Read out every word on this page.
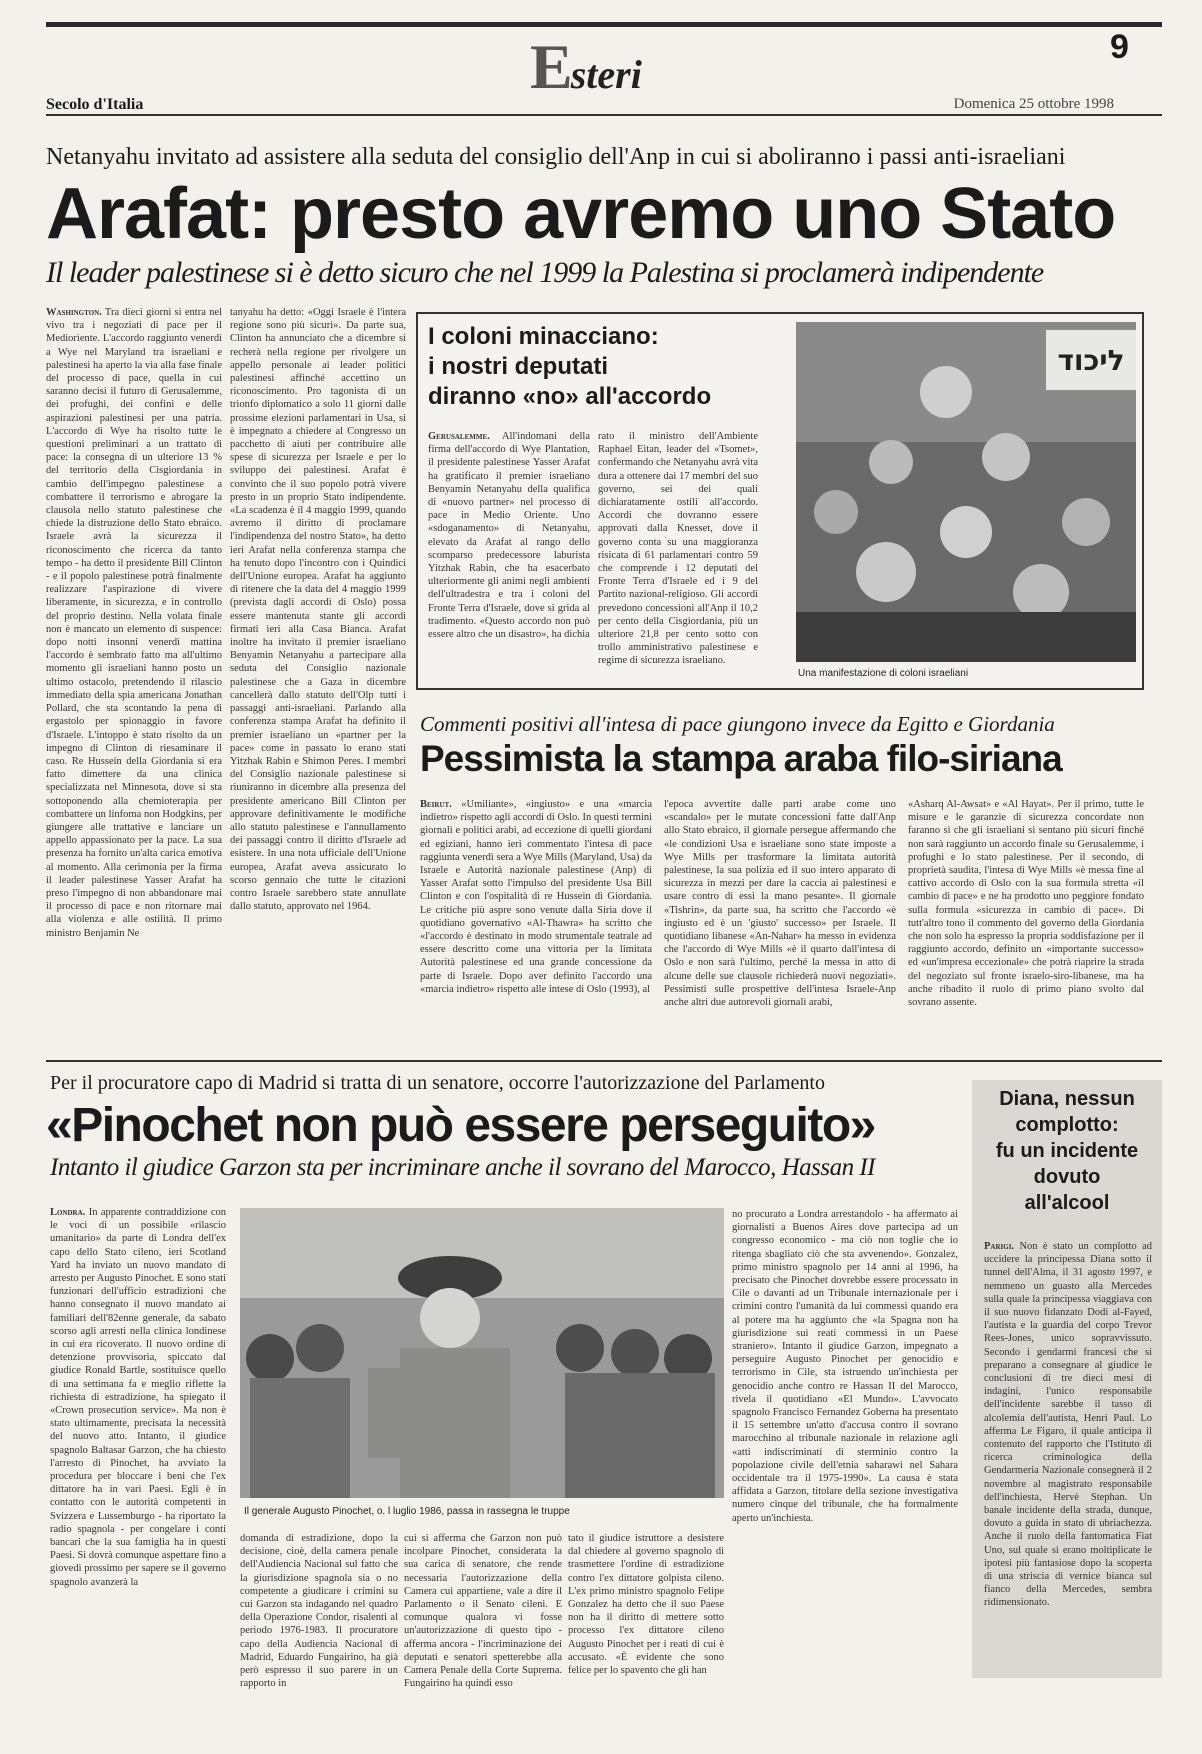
Esteri
9
Secolo d'Italia	Domenica 25 ottobre 1998
Netanyahu invitato ad assistere alla seduta del consiglio dell'Anp in cui si aboliranno i passi anti-israeliani
Arafat: presto avremo uno Stato
Il leader palestinese si è detto sicuro che nel 1999 la Palestina si proclamerà indipendente
Washington. Tra dieci giorni si entra nel vivo tra i negoziati di pace per il Medioriente. L'accordo raggiunto venerdì a Wye nel Maryland tra israeliani e palestinesi ha aperto la via alla fase finale del processo di pace, quella in cui saranno decisi il futuro di Gerusalemme, dei profughi, dei confini e delle aspirazioni palestinesi per una patria. L'accordo di Wye ha risolto tutte le questioni preliminari a un trattato di pace: la consegna di un ulteriore 13 % del territorio della Cisgiordania in cambio dell'impegno palestinese a combattere il terrorismo e abrogare la clausola nello statuto palestinese che chiede la distruzione dello Stato ebraico. Israele avrà la sicurezza il riconoscimento che ricerca da tanto tempo - ha detto il presidente Bill Clinton - e il popolo palestinese potrà finalmente realizzare l'aspirazione di vivere liberamente, in sicurezza, e in controllo del proprio destino. Nella volata finale non è mancato un elemento di suspence: dopo notti insonni venerdì mattina l'accordo è sembrato fatto ma all'ultimo momento gli israeliani hanno posto un ultimo ostacolo, pretendendo il rilascio immediato della spia americana Jonathan Pollard, che sta scontando la pena di ergastolo per spionaggio in favore d'Israele. L'intoppo è stato risolto da un impegno di Clinton di riesaminare il caso. Re Hussein della Giordania si era fatto dimettere da una clinica specializzata nel Minnesota, dove si sta sottoponendo alla chemioterapia per combattere un linfoma non Hodgkins, per giungere alle trattative e lanciare un appello appassionato per la pace. La sua presenza ha fornito un'alta carica emotiva al momento. Alla cerimonia per la firma il leader palestinese Yasser Arafat ha preso l'impegno di non abbandonare mai il processo di pace e non ritornare mai alla violenza e alle ostilità. Il primo ministro Benjamin Ne
tanyahu ha detto: «Oggi Israele è l'intera regione sono più sicuri». Da parte sua, Clinton ha annunciato che a dicembre si recherà nella regione per rivolgere un appello personale ai leader politici palestinesi affinché accettino un riconoscimento. Pro tagonista di un trionfo diplomatico a solo 11 giorni dalle prossime elezioni parlamentari in Usa, si è impegnato a chiedere al Congresso un pacchetto di aiuti per contribuire alle spese di sicurezza per Israele e per lo sviluppo dei palestinesi. Arafat è convinto che il suo popolo potrà vivere presto in un proprio Stato indipendente. «La scadenza è il 4 maggio 1999, quando avremo il diritto di proclamare l'indipendenza del nostro Stato», ha detto ieri Arafat nella conferenza stampa che ha tenuto dopo l'incontro con i Quindici dell'Unione europea. Arafat ha aggiunto di ritenere che la data del 4 maggio 1999 (prevista dagli accordi di Oslo) possa essere mantenuta stante gli accordi firmati ieri alla Casa Bianca. Arafat inoltre ha invitato il premier israeliano Benyamin Netanyahu a partecipare alla seduta del Consiglio nazionale palestinese che a Gaza in dicembre cancellerà dallo statuto dell'Olp tutti i passaggi anti-israeliani. Parlando alla conferenza stampa Arafat ha definito il premier israeliano un «partner per la pace» come in passato lo erano stati Yitzhak Rabin e Shimon Peres. I membri del Consiglio nazionale palestinese si riuniranno in dicembre alla presenza del presidente americano Bill Clinton per approvare definitivamente le modifiche allo statuto palestinese e l'annullamento dei passaggi contro il diritto d'Israele ad esistere. In una nota ufficiale dell'Unione europea, Arafat aveva assicurato lo scorso gennaio che tutte le citazioni contro Israele sarebbero state annullate dallo statuto, approvato nel 1964.
I coloni minacciano:
i nostri deputati
diranno «no» all'accordo
Gerusalemme. All'indomani della firma dell'accordo di Wye Plantation, il presidente palestinese Yasser Arafat ha gratificato il premier israeliano Benyamin Netanyahu della qualifica di «nuovo partner» nel processo di pace in Medio Oriente. Uno «sdoganamento» di Netanyahu, elevato da Arafat al rango dello scomparso predecessore laburista Yitzhak Rabin, che ha esacerbato ulteriormente gli animi negli ambienti dell'ultradestra e tra i coloni del Fronte Terra d'Israele, dove si grida al tradimento. «Questo accordo non può essere altro che un disastro», ha dichia
rato il ministro dell'Ambiente Raphael Eitan, leader del «Tsomet», confermando che Netanyahu avrà vita dura a ottenere dai 17 membri del suo governo, sei dei quali dichiaratamente ostili all'accordo. Accordi che dovranno essere approvati dalla Knesset, dove il governo conta su una maggioranza risicata di 61 parlamentari contro 59 che comprende i 12 deputati del Fronte Terra d'Israele ed i 9 del Partito nazional-religioso. Gli accordi prevedono concessioni all'Anp il 10,2 per cento della Cisgiordania, più un ulteriore 21,8 per cento sotto con trollo amministrativo palestinese e regime di sicurezza israeliano.
ליכוד
Una manifestazione di coloni israeliani
Commenti positivi all'intesa di pace giungono invece da Egitto e Giordania
Pessimista la stampa araba filo-siriana
Beirut. «Umiliante», «ingiusto» e una «marcia indietro» rispetto agli accordi di Oslo. In questi termini giornali e politici arabi, ad eccezione di quelli giordani ed egiziani, hanno ieri commentato l'intesa di pace raggiunta venerdì sera a Wye Mills (Maryland, Usa) da Israele e Autorità nazionale palestinese (Anp) di Yasser Arafat sotto l'impulso del presidente Usa Bill Clinton e con l'ospitalità di re Hussein di Giordania. Le critiche più aspre sono venute dalla Siria dove il quotidiano governativo «Al-Thawra» ha scritto che «l'accordo è destinato in modo strumentale teatrale ad essere descritto come una vittoria per la limitata Autorità palestinese ed una grande concessione da parte di Israele. Dopo aver definito l'accordo una «marcia indietro» rispetto alle intese di Oslo (1993), al
l'epoca avvertite dalle parti arabe come uno «scandalo» per le mutate concessioni fatte dall'Anp allo Stato ebraico, il giornale persegue affermando che «le condizioni Usa e israeliane sono state imposte a Wye Mills per trasformare la limitata autorità palestinese, la sua polizia ed il suo intero apparato di sicurezza in mezzi per dare la caccia ai palestinesi e usare contro di essi la mano pesante». Il giornale «Tishrin», da parte sua, ha scritto che l'accordo «è ingiusto ed è un 'giusto' successo» per Israele. Il quotidiano libanese «An-Nahar» ha messo in evidenza che l'accordo di Wye Mills «è il quarto dall'intesa di Oslo e non sarà l'ultimo, perché la messa in atto di alcune delle sue clausole richiederà nuovi negoziati». Pessimisti sulle prospettive dell'intesa Israele-Anp anche altri due autorevoli giornali arabi,
«Asharq Al-Awsat» e «Al Hayat». Per il primo, tutte le misure e le garanzie di sicurezza concordate non faranno sì che gli israeliani si sentano più sicuri finché non sarà raggiunto un accordo finale su Gerusalemme, i profughi e lo stato palestinese. Per il secondo, di proprietà saudita, l'intesa di Wye Mills «è messa fine al cattivo accordo di Oslo con la sua formula stretta «il cambio di pace» e ne ha prodotto uno peggiore fondato sulla formula «sicurezza in cambio di pace». Di tutt'altro tono il commento del governo della Giordania che non solo ha espresso la propria soddisfazione per il raggiunto accordo, definito un «importante successo» ed «un'impresa eccezionale» che potrà riaprire la strada del negoziato sul fronte israelo-siro-libanese, ma ha anche ribadito il ruolo di primo piano svolto dal sovrano assente.
Per il procuratore capo di Madrid si tratta di un senatore, occorre l'autorizzazione del Parlamento
«Pinochet non può essere perseguito»
Intanto il giudice Garzon sta per incriminare anche il sovrano del Marocco, Hassan II
Londra. In apparente contraddizione con le voci di un possibile «rilascio umanitario» da parte di Londra dell'ex capo dello Stato cileno, ieri Scotland Yard ha inviato un nuovo mandato di arresto per Augusto Pinochet. E sono stati funzionari dell'ufficio estradizioni che hanno consegnato il nuovo mandato ai familiari dell'82enne generale, da sabato scorso agli arresti nella clinica londinese in cui era ricoverato. Il nuovo ordine di detenzione provvisoria, spiccato dal giudice Ronald Bartle, sostituisce quello di una settimana fa e meglio riflette la richiesta di estradizione, ha spiegato il «Crown prosecution service». Ma non è stato ultimamente, precisata la necessità del nuovo atto. Intanto, il giudice spagnolo Baltasar Garzon, che ha chiesto l'arresto di Pinochet, ha avviato la procedura per bloccare i beni che l'ex dittatore ha in vari Paesi. Egli è in contatto con le autorità competenti in Svizzera e Lussemburgo - ha riportato la radio spagnola - per congelare i conti bancari che la sua famiglia ha in questi Paesi. Si dovrà comunque aspettare fino a giovedì prossimo per sapere se il governo spagnolo avanzerà la
Il generale Augusto Pinochet, o. l luglio 1986, passa in rassegna le truppe
domanda di estradizione, dopo la decisione, cioè, della camera penale dell'Audiencia Nacional sul fatto che la giurisdizione spagnola sia o no competente a giudicare i crimini su cui Garzon sta indagando nel quadro della Operazione Condor, risalenti al periodo 1976-1983. Il procuratore capo della Audiencia Nacional di Madrid, Eduardo Fungairino, ha già però espresso il suo parere in un rapporto in
cui si afferma che Garzon non può incolpare Pinochet, considerata la sua carica di senatore, che rende necessaria l'autorizzazione della Camera cui appartiene, vale a dire il Parlamento o il Senato cileni. E comunque qualora vi fosse un'autorizzazione di questo tipo - afferma ancora - l'incriminazione dei deputati e senatori spetterebbe alla Camera Penale della Corte Suprema. Fungairino ha quindi esso
tato il giudice istruttore a desistere dal chiedere al governo spagnolo di trasmettere l'ordine di estradizione contro l'ex dittatore golpista cileno. L'ex primo ministro spagnolo Felipe Gonzalez ha detto che il suo Paese non ha il diritto di mettere sotto processo l'ex dittatore cileno Augusto Pinochet per i reati di cui è accusato. «È evidente che sono felice per lo spavento che gli han
no procurato a Londra arrestandolo - ha affermato ai giornalisti a Buenos Aires dove partecipa ad un congresso economico - ma ciò non toglie che io ritenga sbagliato ciò che sta avvenendo». Gonzalez, primo ministro spagnolo per 14 anni al 1996, ha precisato che Pinochet dovrebbe essere processato in Cile o davanti ad un Tribunale internazionale per i crimini contro l'umanità da lui commessi quando era al potere ma ha aggiunto che «la Spagna non ha giurisdizione sui reati commessi in un Paese straniero». Intanto il giudice Garzon, impegnato a perseguire Augusto Pinochet per genocidio e terrorismo in Cile, sta istruendo un'inchiesta per genocidio anche contro re Hassan II del Marocco, rivela il quotidiano «El Mundo». L'avvocato spagnolo Francisco Fernandez Goberna ha presentato il 15 settembre un'atto d'accusa contro il sovrano marocchino al tribunale nazionale in relazione agli «atti indiscriminati di sterminio contro la popolazione civile dell'etnia saharawi nel Sahara occidentale tra il 1975-1990». La causa è stata affidata a Garzon, titolare della sezione investigativa numero cinque del tribunale, che ha formalmente aperto un'inchiesta.
Diana, nessun
complotto:
fu un incidente
dovuto
all'alcool
Parigi. Non è stato un complotto ad uccidere la principessa Diana sotto il tunnel dell'Alma, il 31 agosto 1997, e nemmeno un guasto alla Mercedes sulla quale la principessa viaggiava con il suo nuovo fidanzato Dodi al-Fayed, l'autista e la guardia del corpo Trevor Rees-Jones, unico sopravvissuto. Secondo i gendarmi francesi che si preparano a consegnare al giudice le conclusioni di tre dieci mesi di indagini, l'unico responsabile dell'incidente sarebbe il tasso di alcolemia dell'autista, Henri Paul. Lo afferma Le Figaro, il quale anticipa il contenuto del rapporto che l'Istituto di ricerca criminologica della Gendarmeria Nazionale consegnerà il 2 novembre al magistrato responsabile dell'inchiesta, Hervè Stephan. Un banale incidente della strada, dunque, dovuto a guida in stato di ubriachezza. Anche il ruolo della fantomatica Fiat Uno, sul quale si erano moltiplicate le ipotesi più fantasiose dopo la scoperta di una striscia di vernice bianca sul fianco della Mercedes, sembra ridimensionato.
